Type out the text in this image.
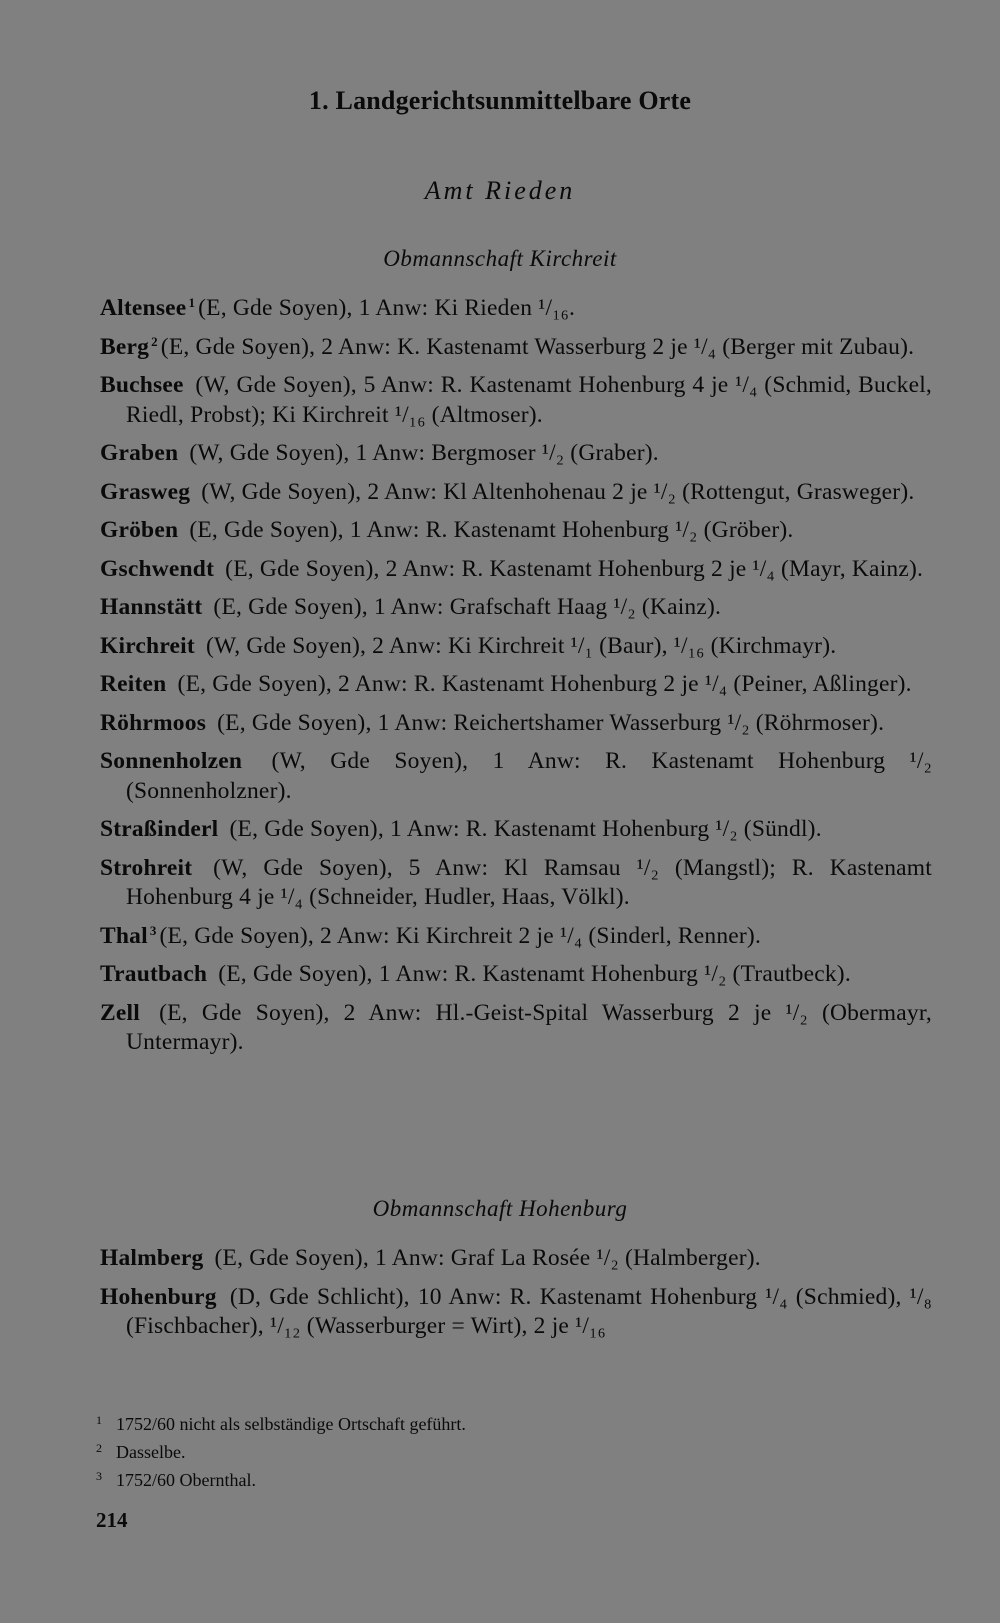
1. Landgerichtsunmittelbare Orte
Amt Rieden
Obmannschaft Kirchreit
Altensee $^1$ (E, Gde Soyen), 1 Anw: Ki Rieden ¹/₁₆.
Berg $^2$ (E, Gde Soyen), 2 Anw: K. Kastenamt Wasserburg 2 je ¹/₄ (Berger mit Zubau).
Buchsee (W, Gde Soyen), 5 Anw: R. Kastenamt Hohenburg 4 je ¹/₄ (Schmid, Buckel, Riedl, Probst); Ki Kirchreit ¹/₁₆ (Altmoser).
Graben (W, Gde Soyen), 1 Anw: Bergmoser ¹/₂ (Graber).
Grasweg (W, Gde Soyen), 2 Anw: Kl Altenhohenau 2 je ¹/₂ (Rottengut, Grasweger).
Gröben (E, Gde Soyen), 1 Anw: R. Kastenamt Hohenburg ¹/₂ (Gröber).
Gschwendt (E, Gde Soyen), 2 Anw: R. Kastenamt Hohenburg 2 je ¹/₄ (Mayr, Kainz).
Hannstätt (E, Gde Soyen), 1 Anw: Grafschaft Haag ¹/₂ (Kainz).
Kirchreit (W, Gde Soyen), 2 Anw: Ki Kirchreit ¹/₁ (Baur), ¹/₁₆ (Kirchmayr).
Reiten (E, Gde Soyen), 2 Anw: R. Kastenamt Hohenburg 2 je ¹/₄ (Peiner, Aßlinger).
Röhrmoos (E, Gde Soyen), 1 Anw: Reichertshamer Wasserburg ¹/₂ (Röhrmoser).
Sonnenholzen (W, Gde Soyen), 1 Anw: R. Kastenamt Hohenburg ¹/₂ (Sonnenholzner).
Straßinderl (E, Gde Soyen), 1 Anw: R. Kastenamt Hohenburg ¹/₂ (Sündl).
Strohreit (W, Gde Soyen), 5 Anw: Kl Ramsau ¹/₂ (Mangstl); R. Kastenamt Hohenburg 4 je ¹/₄ (Schneider, Hudler, Haas, Völkl).
Thal $^3$ (E, Gde Soyen), 2 Anw: Ki Kirchreit 2 je ¹/₄ (Sinderl, Renner).
Trautbach (E, Gde Soyen), 1 Anw: R. Kastenamt Hohenburg ¹/₂ (Trautbeck).
Zell (E, Gde Soyen), 2 Anw: Hl.-Geist-Spital Wasserburg 2 je ¹/₂ (Obermayr, Untermayr).
Obmannschaft Hohenburg
Halmberg (E, Gde Soyen), 1 Anw: Graf La Rosée ¹/₂ (Halmberger).
Hohenburg (D, Gde Schlicht), 10 Anw: R. Kastenamt Hohenburg ¹/₄ (Schmied), ¹/₈ (Fischbacher), ¹/₁₂ (Wasserburger = Wirt), 2 je ¹/₁₆
1 1752/60 nicht als selbständige Ortschaft geführt.
2 Dasselbe.
3 1752/60 Obernthal.
214
